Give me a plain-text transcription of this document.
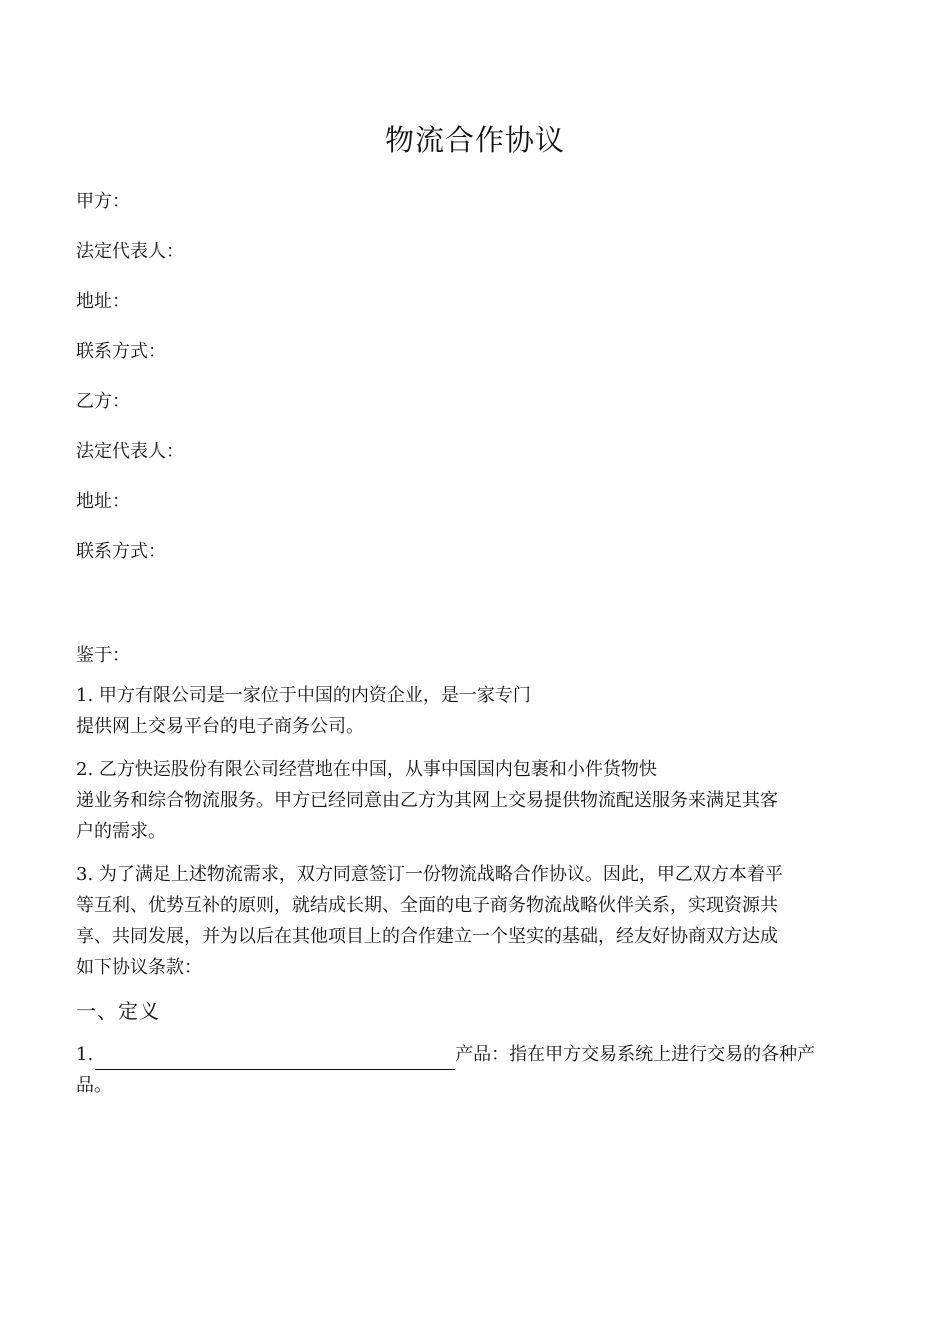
物流合作协议
甲方：
法定代表人：
地址：
联系方式：
乙方：
法定代表人：
地址：
联系方式：

鉴于：

1. 甲方有限公司是一家位于中国的内资企业，是一家专门

提供网上交易平台的电子商务公司。

2. 乙方快运股份有限公司经营地在中国，从事中国国内包裹和小件货物快

递业务和综合物流服务。甲方已经同意由乙方为其网上交易提供物流配送服务来满足其客

户的需求。

3. 为了满足上述物流需求，双方同意签订一份物流战略合作协议。因此，甲乙双方本着平

等互利、优势互补的原则，就结成长期、全面的电子商务物流战略伙伴关系，实现资源共

享、共同发展，并为以后在其他项目上的合作建立一个坚实的基础，经友好协商双方达成

如下协议条款：

一、定义

1.	产品：指在甲方交易系统上进行交易的各种产

品。
